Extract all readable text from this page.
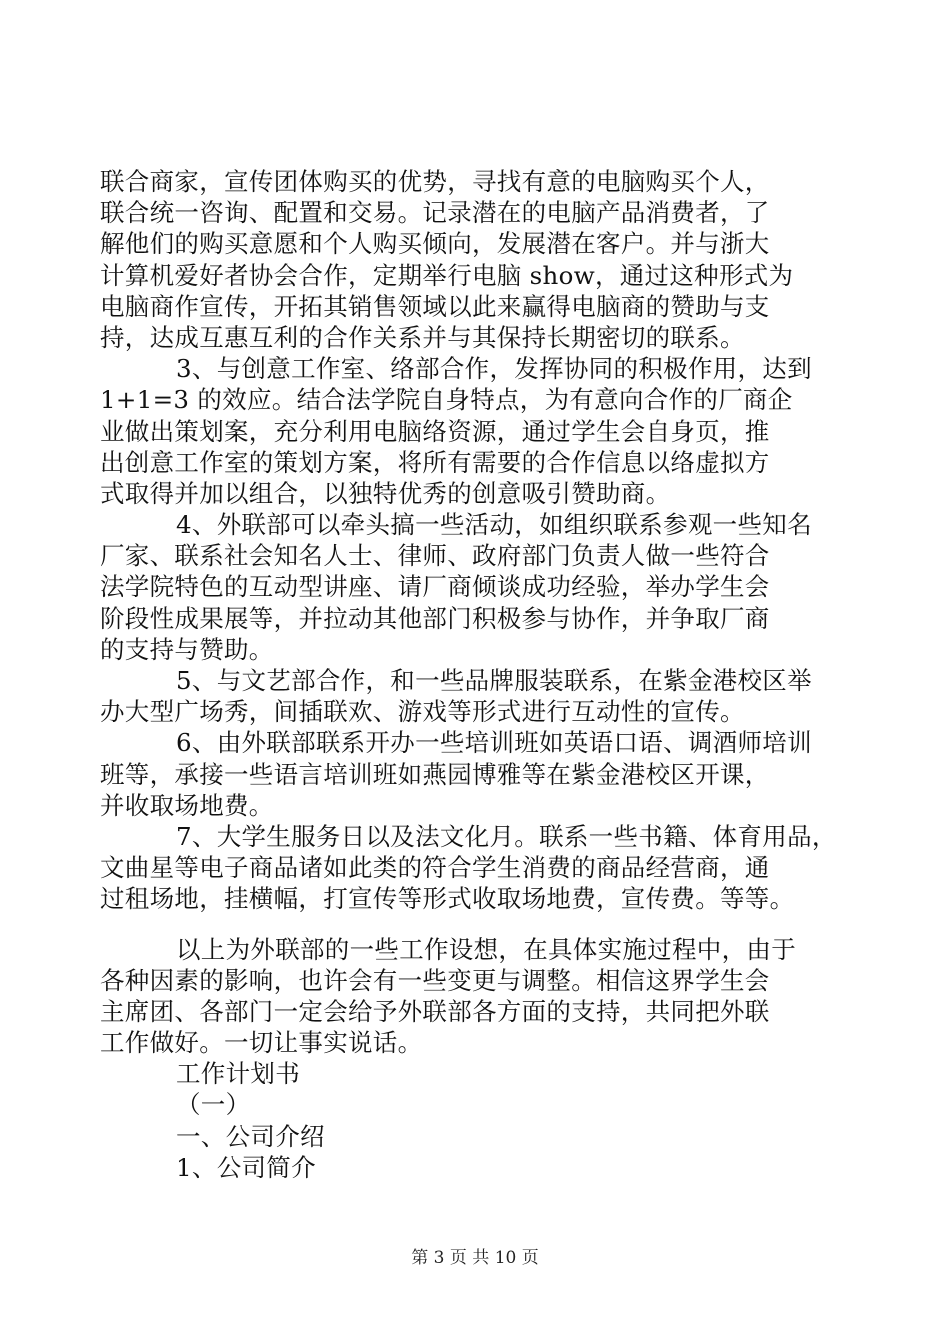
联合商家，宣传团体购买的优势，寻找有意的电脑购买个人，
联合统一咨询、配置和交易。记录潜在的电脑产品消费者，了
解他们的购买意愿和个人购买倾向，发展潜在客户。并与浙大
计算机爱好者协会合作，定期举行电脑 show，通过这种形式为
电脑商作宣传，开拓其销售领域以此来赢得电脑商的赞助与支
持，达成互惠互利的合作关系并与其保持长期密切的联系。
3、与创意工作室、络部合作，发挥协同的积极作用，达到
1+1=3 的效应。结合法学院自身特点，为有意向合作的厂商企
业做出策划案，充分利用电脑络资源，通过学生会自身页，推
出创意工作室的策划方案，将所有需要的合作信息以络虚拟方
式取得并加以组合，以独特优秀的创意吸引赞助商。
4、外联部可以牵头搞一些活动，如组织联系参观一些知名
厂家、联系社会知名人士、律师、政府部门负责人做一些符合
法学院特色的互动型讲座、请厂商倾谈成功经验，举办学生会
阶段性成果展等，并拉动其他部门积极参与协作，并争取厂商
的支持与赞助。
5、与文艺部合作，和一些品牌服装联系，在紫金港校区举
办大型广场秀，间插联欢、游戏等形式进行互动性的宣传。
6、由外联部联系开办一些培训班如英语口语、调酒师培训
班等，承接一些语言培训班如燕园博雅等在紫金港校区开课，
并收取场地费。
7、大学生服务日以及法文化月。联系一些书籍、体育用品，
文曲星等电子商品诸如此类的符合学生消费的商品经营商，通
过租场地，挂横幅，打宣传等形式收取场地费，宣传费。等等。
以上为外联部的一些工作设想，在具体实施过程中，由于
各种因素的影响，也许会有一些变更与调整。相信这界学生会
主席团、各部门一定会给予外联部各方面的支持，共同把外联
工作做好。一切让事实说话。
工作计划书
（一）
一、公司介绍
1、公司简介
第 3 页 共 10 页
